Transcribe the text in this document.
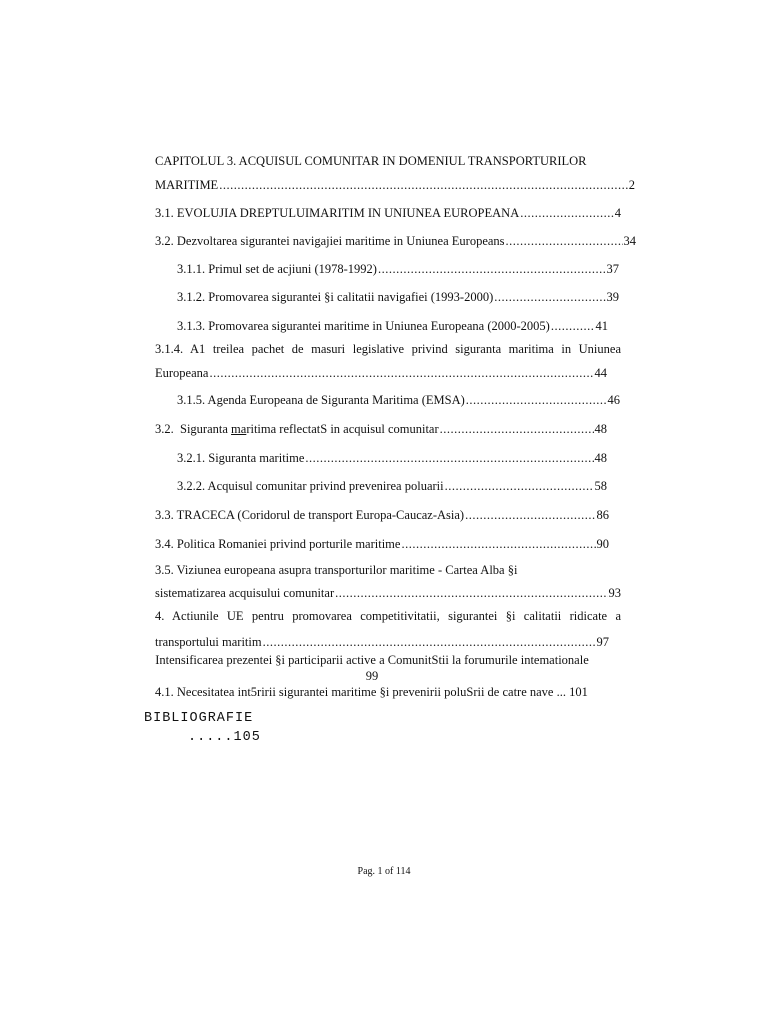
CAPITOLUL 3. ACQUISUL COMUNITAR IN DOMENIUL TRANSPORTURILOR
MARITIME .....	2
3.1. EVOLUJIA DREPTULUIMARITIM IN UNIUNEA EUROPEANA .....	4
3.2. Dezvoltarea sigurantei navigajiei maritime in Uniunea Europeans .....	34
3.1.1. Primul set de acjiuni (1978-1992) .....	37
3.1.2. Promovarea sigurantei §i calitatii navigafiei (1993-2000) .....	39
3.1.3. Promovarea sigurantei maritime in Uniunea Europeana (2000-2005) .....	41
3.1.4. A1 treilea pachet de masuri legislative privind siguranta maritima in Uniunea
Europeana .....	44
3.1.5. Agenda Europeana de Siguranta Maritima (EMSA) .....	46
3.2.  Siguranta maritima reflectatS in acquisul comunitar .....	48
3.2.1. Siguranta maritime .....	48
3.2.2. Acquisul comunitar privind prevenirea poluarii .....	58
3.3. TRACECA (Coridorul de transport Europa-Caucaz-Asia) .....	86
3.4. Politica Romaniei privind porturile maritime .....	90
3.5. Viziunea europeana asupra transporturilor maritime - Cartea Alba §i
sistematizarea acquisului comunitar .....	93
4. Actiunile UE pentru promovarea competitivitatii, sigurantei §i calitatii ridicate a
transportului maritim .....	97
Intensificarea prezentei §i participarii active a ComunitStii la forumurile intemationale
99
4.1. Necesitatea int5ririi sigurantei maritime §i prevenirii poluSrii de catre nave ... 101
BIBLIOGRAFIE
.....105
Pag. 1 of 114
